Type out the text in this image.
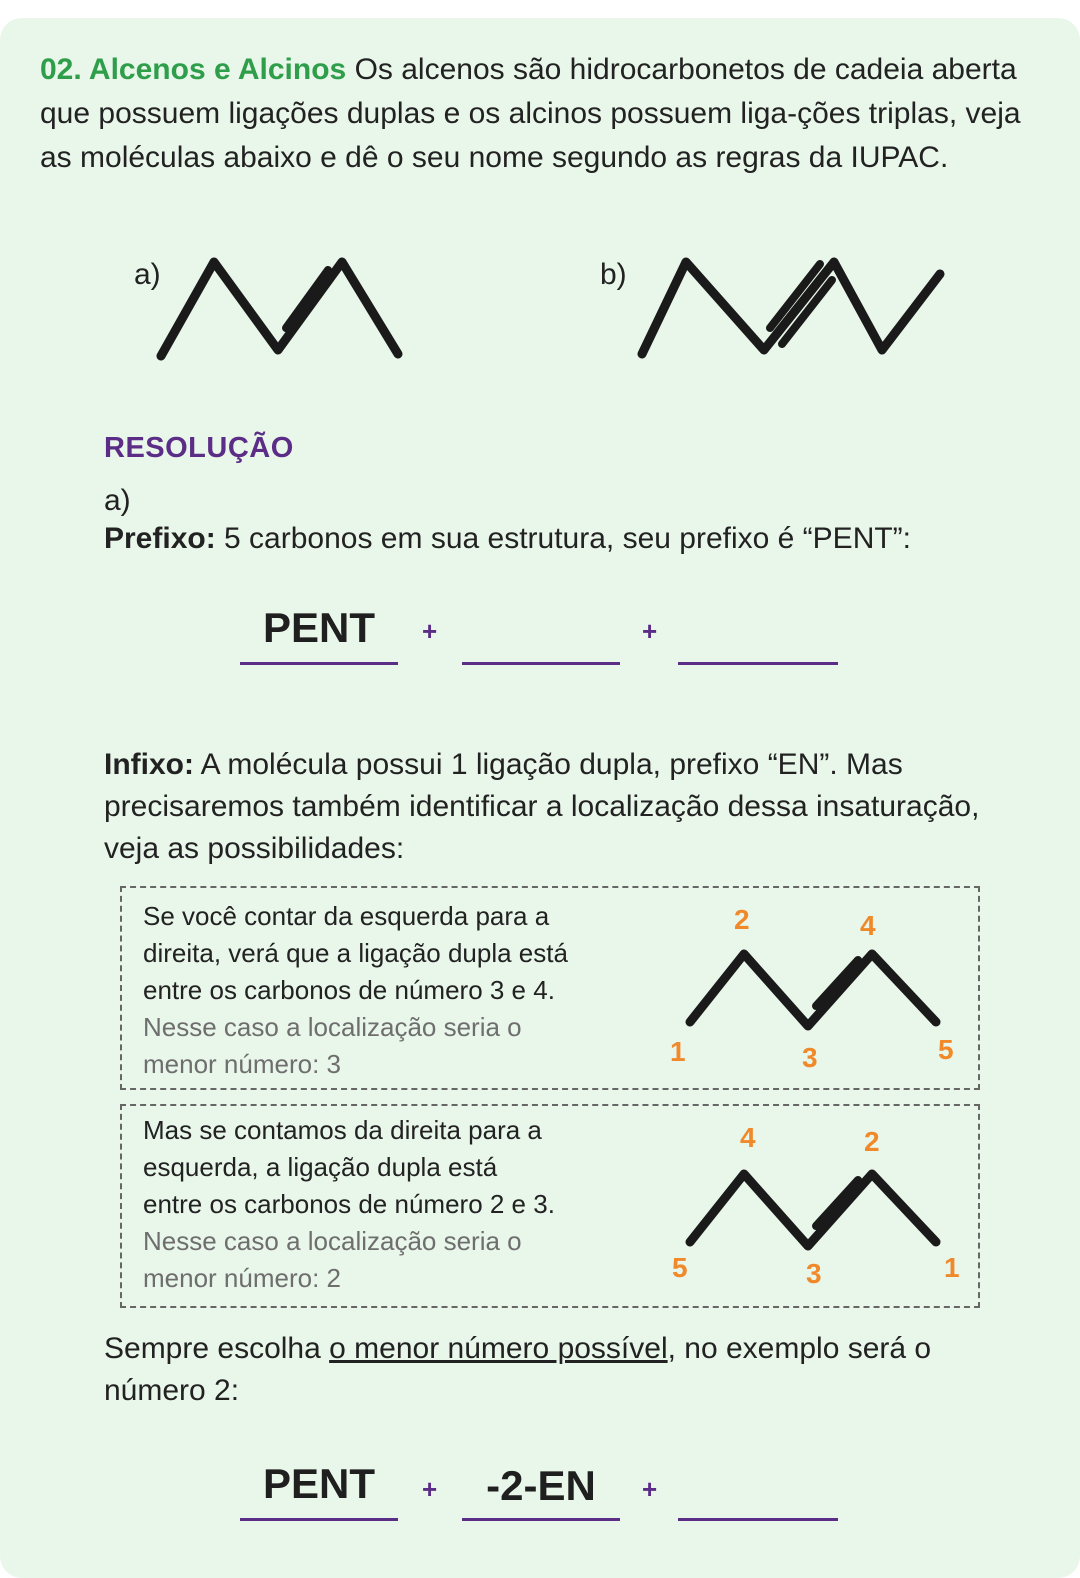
02. Alcenos e Alcinos Os alcenos são hidrocarbonetos de cadeia aberta que possuem ligações duplas e os alcinos possuem liga-ções triplas, veja as moléculas abaixo e dê o seu nome segundo as regras da IUPAC.
a)	b)
RESOLUÇÃO
a)
Prefixo: 5 carbonos em sua estrutura, seu prefixo é “PENT”:
PENT	+	+
Infixo: A molécula possui 1 ligação dupla, prefixo “EN”. Mas precisaremos também identificar a localização dessa insaturação, veja as possibilidades:
Se você contar da esquerda para a
direita, verá que a ligação dupla está
entre os carbonos de número 3 e 4.
Nesse caso a localização seria o
menor número: 3
2	4
1	3	5
Mas se contamos da direita para a
esquerda, a ligação dupla está
entre os carbonos de número 2 e 3.
Nesse caso a localização seria o
menor número: 2
4	2
5	3	1
Sempre escolha o menor número possível, no exemplo será o número 2:
PENT	+	-2-EN	+
